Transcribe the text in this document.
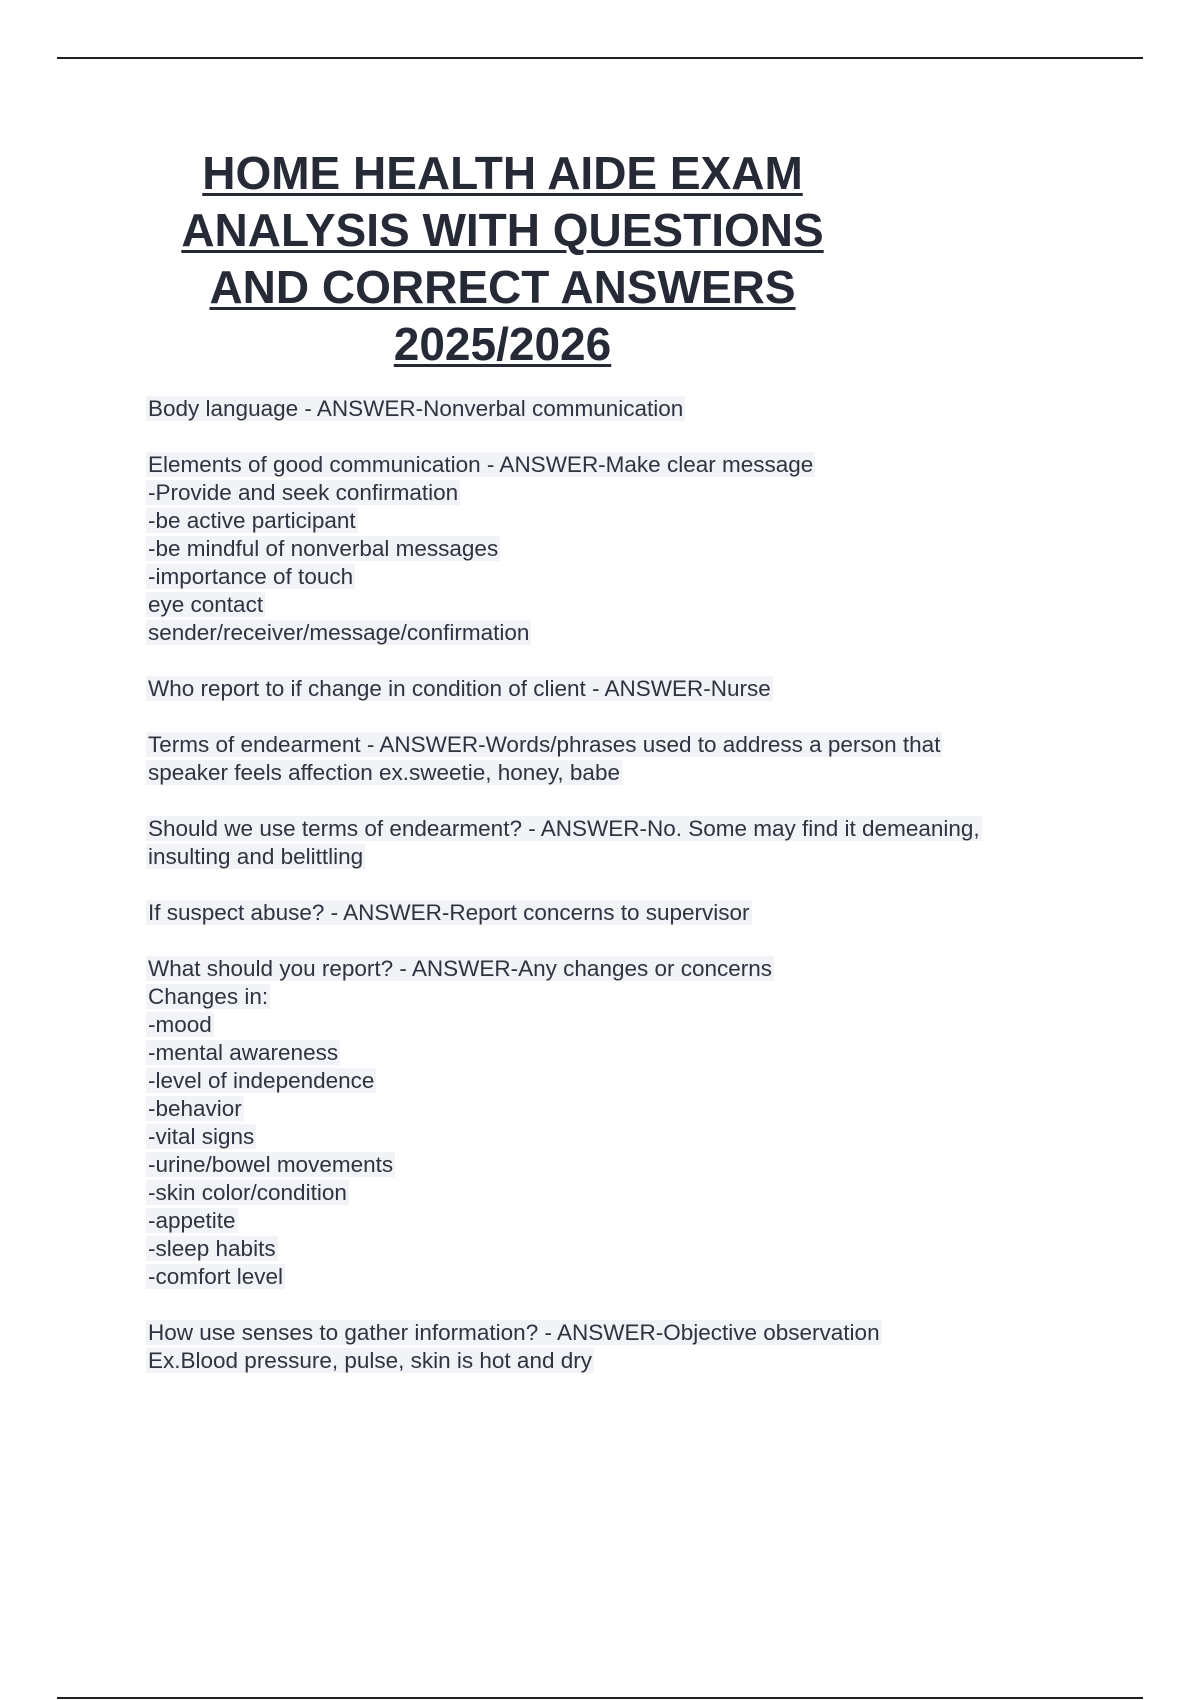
HOME HEALTH AIDE EXAM
ANALYSIS WITH QUESTIONS
AND CORRECT ANSWERS
2025/2026
Body language - ANSWER-Nonverbal communication
Elements of good communication - ANSWER-Make clear message
-Provide and seek confirmation
-be active participant
-be mindful of nonverbal messages
-importance of touch
eye contact
sender/receiver/message/confirmation
Who report to if change in condition of client - ANSWER-Nurse
Terms of endearment - ANSWER-Words/phrases used to address a person that
speaker feels affection ex.sweetie, honey, babe
Should we use terms of endearment? - ANSWER-No. Some may find it demeaning,
insulting and belittling
If suspect abuse? - ANSWER-Report concerns to supervisor
What should you report? - ANSWER-Any changes or concerns
Changes in:
-mood
-mental awareness
-level of independence
-behavior
-vital signs
-urine/bowel movements
-skin color/condition
-appetite
-sleep habits
-comfort level
How use senses to gather information? - ANSWER-Objective observation
Ex.Blood pressure, pulse, skin is hot and dry
